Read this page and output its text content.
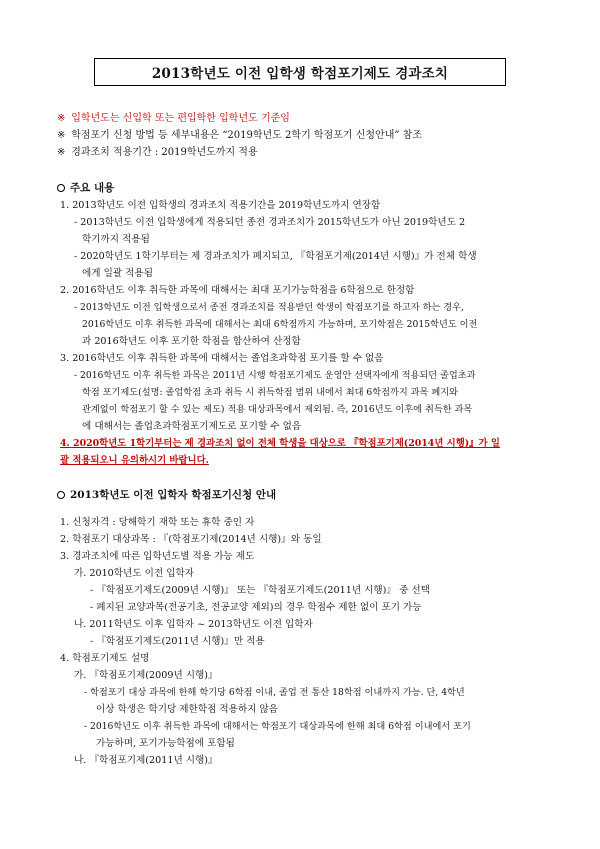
2013학년도 이전 입학생 학점포기제도 경과조치
※ 입학년도는 신입학 또는 편입학한 입학년도 기준임
※ 학점포기 신청 방법 등 세부내용은 “2019학년도 2학기 학점포기 신청안내” 참조
※ 경과조치 적용기간 : 2019학년도까지 적용
주요 내용
1. 2013학년도 이전 입학생의 경과조치 적용기간을 2019학년도까지 연장함
- 2013학년도 이전 입학생에게 적용되던 종전 경과조치가 2015학년도가 아닌 2019학년도 2
학기까지 적용됨
- 2020학년도 1학기부터는 제 경과조치가 폐지되고, 『학점포기제(2014년 시행)』가 전체 학생
에게 일괄 적용됨
2. 2016학년도 이후 취득한 과목에 대해서는 최대 포기가능학점을 6학점으로 한정함
- 2013학년도 이전 입학생으로서 종전 경과조치를 적용받던 학생이 학점포기를 하고자 하는 경우,
2016학년도 이후 취득한 과목에 대해서는 최대 6학점까지 가능하며, 포기학점은 2015학년도 이전
과 2016학년도 이후 포기한 학점을 합산하여 산정함
3. 2016학년도 이후 취득한 과목에 대해서는 졸업초과학점 포기를 할 수 없음
- 2016학년도 이후 취득한 과목은 2011년 시행 학점포기제도 운영안 선택자에게 적용되던 졸업초과
학점 포기제도(설명: 졸업학점 초과 취득 시 취득학점 범위 내에서 최대 6학점까지 과목 폐지와
관계없이 학점포기 할 수 있는 제도) 적용 대상과목에서 제외됨. 즉, 2016년도 이후에 취득한 과목
에 대해서는 졸업초과학점포기제도로 포기할 수 없음
4. 2020학년도 1학기부터는 제 경과조치 없이 전체 학생을 대상으로 『학점포기제(2014년 시행)』가 일
괄 적용되오니 유의하시기 바랍니다.
2013학년도 이전 입학자 학점포기신청 안내
1. 신청자격 : 당해학기 재학 또는 휴학 중인 자
2. 학점포기 대상과목 : 『(학점포기제(2014년 시행)』와 동일
3. 경과조치에 따른 입학년도별 적용 가능 제도
가. 2010학년도 이전 입학자
- 『학점포기제도(2009년 시행)』 또는 『학점포기제도(2011년 시행)』 중 선택
- 폐지된 교양과목(전공기초, 전공교양 제외)의 경우 학점수 제한 없이 포기 가능
나. 2011학년도 이후 입학자 ~ 2013학년도 이전 입학자
- 『학점포기제도(2011년 시행)』만 적용
4. 학점포기제도 설명
가. 『학점포기제(2009년 시행)』
- 학점포기 대상 과목에 한해 학기당 6학점 이내, 졸업 전 통산 18학점 이내까지 가능. 단, 4학년
이상 학생은 학기당 제한학점 적용하지 않음
- 2016학년도 이후 취득한 과목에 대해서는 학점포기 대상과목에 한해 최대 6학점 이내에서 포기
가능하며, 포기가능학점에 포함됨
나. 『학점포기제(2011년 시행)』
